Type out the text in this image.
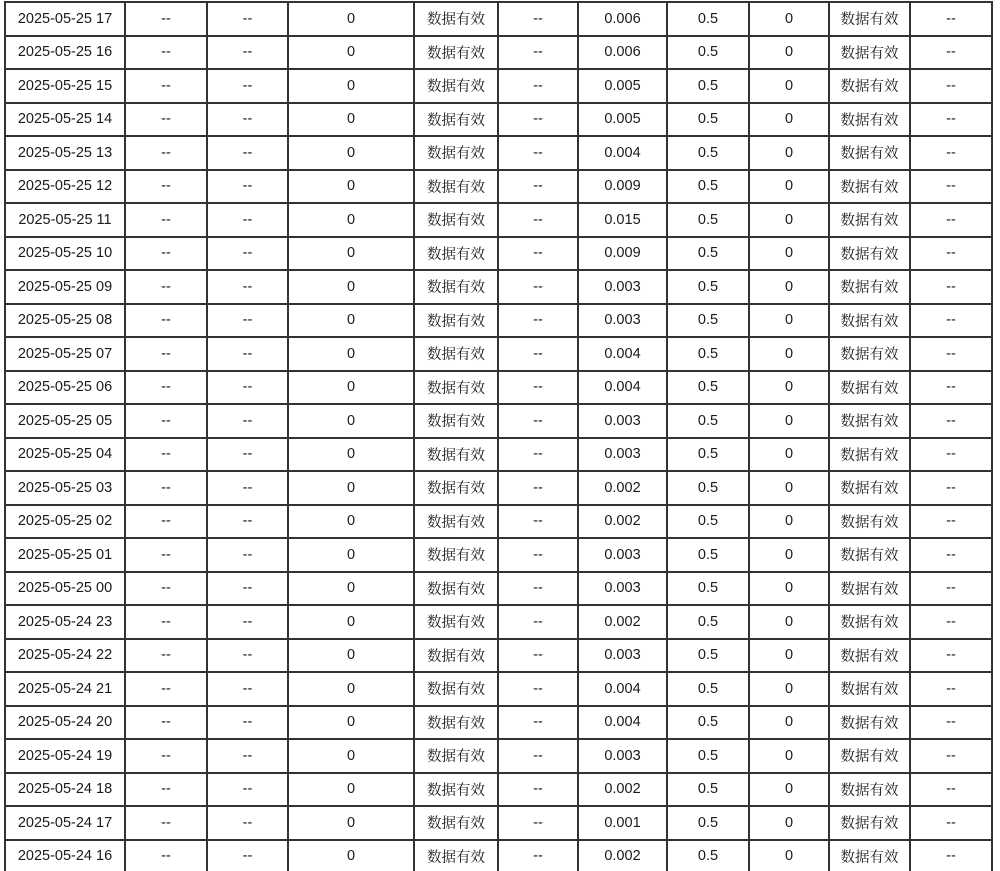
2025-05-25 17	--	--	0	数据有效	--	0.006	0.5	0	数据有效	--
2025-05-25 16	--	--	0	数据有效	--	0.006	0.5	0	数据有效	--
2025-05-25 15	--	--	0	数据有效	--	0.005	0.5	0	数据有效	--
2025-05-25 14	--	--	0	数据有效	--	0.005	0.5	0	数据有效	--
2025-05-25 13	--	--	0	数据有效	--	0.004	0.5	0	数据有效	--
2025-05-25 12	--	--	0	数据有效	--	0.009	0.5	0	数据有效	--
2025-05-25 11	--	--	0	数据有效	--	0.015	0.5	0	数据有效	--
2025-05-25 10	--	--	0	数据有效	--	0.009	0.5	0	数据有效	--
2025-05-25 09	--	--	0	数据有效	--	0.003	0.5	0	数据有效	--
2025-05-25 08	--	--	0	数据有效	--	0.003	0.5	0	数据有效	--
2025-05-25 07	--	--	0	数据有效	--	0.004	0.5	0	数据有效	--
2025-05-25 06	--	--	0	数据有效	--	0.004	0.5	0	数据有效	--
2025-05-25 05	--	--	0	数据有效	--	0.003	0.5	0	数据有效	--
2025-05-25 04	--	--	0	数据有效	--	0.003	0.5	0	数据有效	--
2025-05-25 03	--	--	0	数据有效	--	0.002	0.5	0	数据有效	--
2025-05-25 02	--	--	0	数据有效	--	0.002	0.5	0	数据有效	--
2025-05-25 01	--	--	0	数据有效	--	0.003	0.5	0	数据有效	--
2025-05-25 00	--	--	0	数据有效	--	0.003	0.5	0	数据有效	--
2025-05-24 23	--	--	0	数据有效	--	0.002	0.5	0	数据有效	--
2025-05-24 22	--	--	0	数据有效	--	0.003	0.5	0	数据有效	--
2025-05-24 21	--	--	0	数据有效	--	0.004	0.5	0	数据有效	--
2025-05-24 20	--	--	0	数据有效	--	0.004	0.5	0	数据有效	--
2025-05-24 19	--	--	0	数据有效	--	0.003	0.5	0	数据有效	--
2025-05-24 18	--	--	0	数据有效	--	0.002	0.5	0	数据有效	--
2025-05-24 17	--	--	0	数据有效	--	0.001	0.5	0	数据有效	--
2025-05-24 16	--	--	0	数据有效	--	0.002	0.5	0	数据有效	--
